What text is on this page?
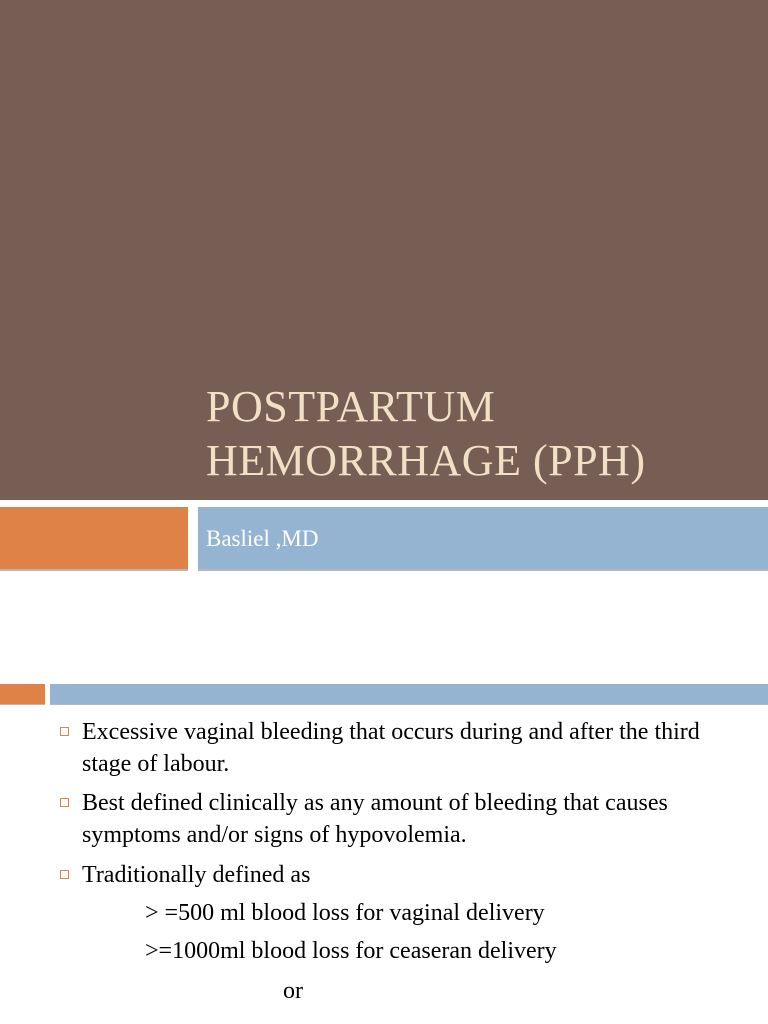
POSTPARTUM
HEMORRHAGE (PPH)

Basliel ,MD

Excessive vaginal bleeding that occurs during and after the third stage of labour.
Best defined clinically as any amount of bleeding that causes symptoms and/or signs of hypovolemia.
Traditionally defined as
> =500 ml blood loss for vaginal delivery
>=1000ml blood loss for ceaseran delivery
or
